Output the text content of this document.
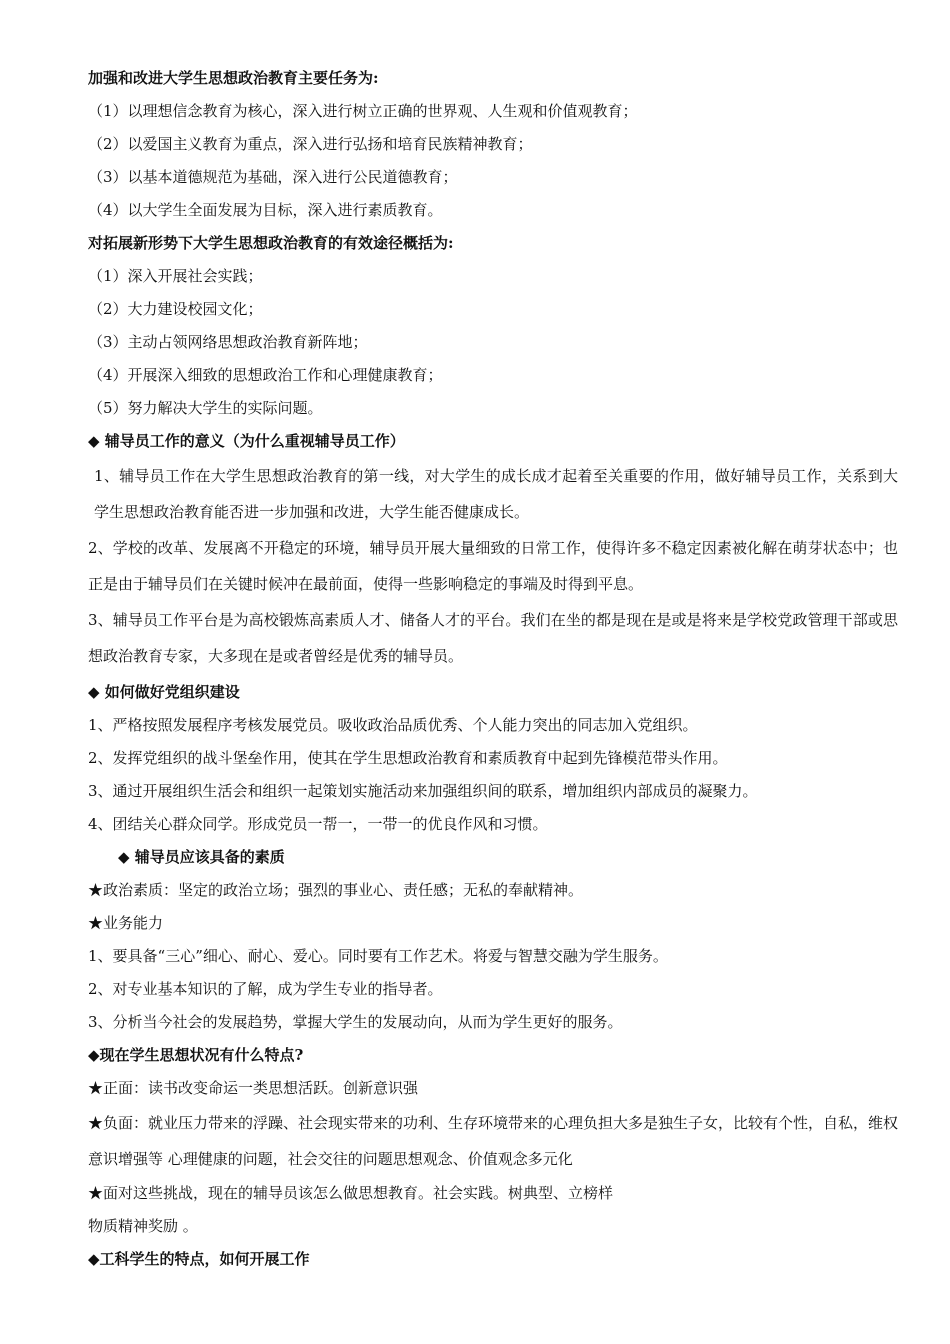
加强和改进大学生思想政治教育主要任务为:
（1）以理想信念教育为核心，深入进行树立正确的世界观、人生观和价值观教育；
（2）以爱国主义教育为重点，深入进行弘扬和培育民族精神教育；
（3）以基本道德规范为基础，深入进行公民道德教育；
（4）以大学生全面发展为目标，深入进行素质教育。
对拓展新形势下大学生思想政治教育的有效途径概括为:
（1）深入开展社会实践；
（2）大力建设校园文化；
（3）主动占领网络思想政治教育新阵地；
（4）开展深入细致的思想政治工作和心理健康教育；
（5）努力解决大学生的实际问题。
◆ 辅导员工作的意义（为什么重视辅导员工作）
1、辅导员工作在大学生思想政治教育的第一线，对大学生的成长成才起着至关重要的作用，做好辅导员工作，关系到大学生思想政治教育能否进一步加强和改进，大学生能否健康成长。
2、学校的改革、发展离不开稳定的环境，辅导员开展大量细致的日常工作，使得许多不稳定因素被化解在萌芽状态中；也正是由于辅导员们在关键时候冲在最前面，使得一些影响稳定的事端及时得到平息。
3、辅导员工作平台是为高校锻炼高素质人才、储备人才的平台。我们在坐的都是现在是或是将来是学校党政管理干部或思想政治教育专家，大多现在是或者曾经是优秀的辅导员。
◆ 如何做好党组织建设
1、严格按照发展程序考核发展党员。吸收政治品质优秀、个人能力突出的同志加入党组织。
2、发挥党组织的战斗堡垒作用，使其在学生思想政治教育和素质教育中起到先锋模范带头作用。
3、通过开展组织生活会和组织一起策划实施活动来加强组织间的联系，增加组织内部成员的凝聚力。
4、团结关心群众同学。形成党员一帮一，一带一的优良作风和习惯。
◆ 辅导员应该具备的素质
★政治素质：坚定的政治立场；强烈的事业心、责任感；无私的奉献精神。
★业务能力
1、要具备“三心”细心、耐心、爱心。同时要有工作艺术。将爱与智慧交融为学生服务。
2、对专业基本知识的了解，成为学生专业的指导者。
3、分析当今社会的发展趋势，掌握大学生的发展动向，从而为学生更好的服务。
◆现在学生思想状况有什么特点?
★正面：读书改变命运一类思想活跃。创新意识强
★负面：就业压力带来的浮躁、社会现实带来的功利、生存环境带来的心理负担大多是独生子女，比较有个性，自私，维权意识增强等 心理健康的问题，社会交往的问题思想观念、价值观念多元化
★面对这些挑战，现在的辅导员该怎么做思想教育。社会实践。树典型、立榜样
物质精神奖励 。
◆工科学生的特点，如何开展工作
